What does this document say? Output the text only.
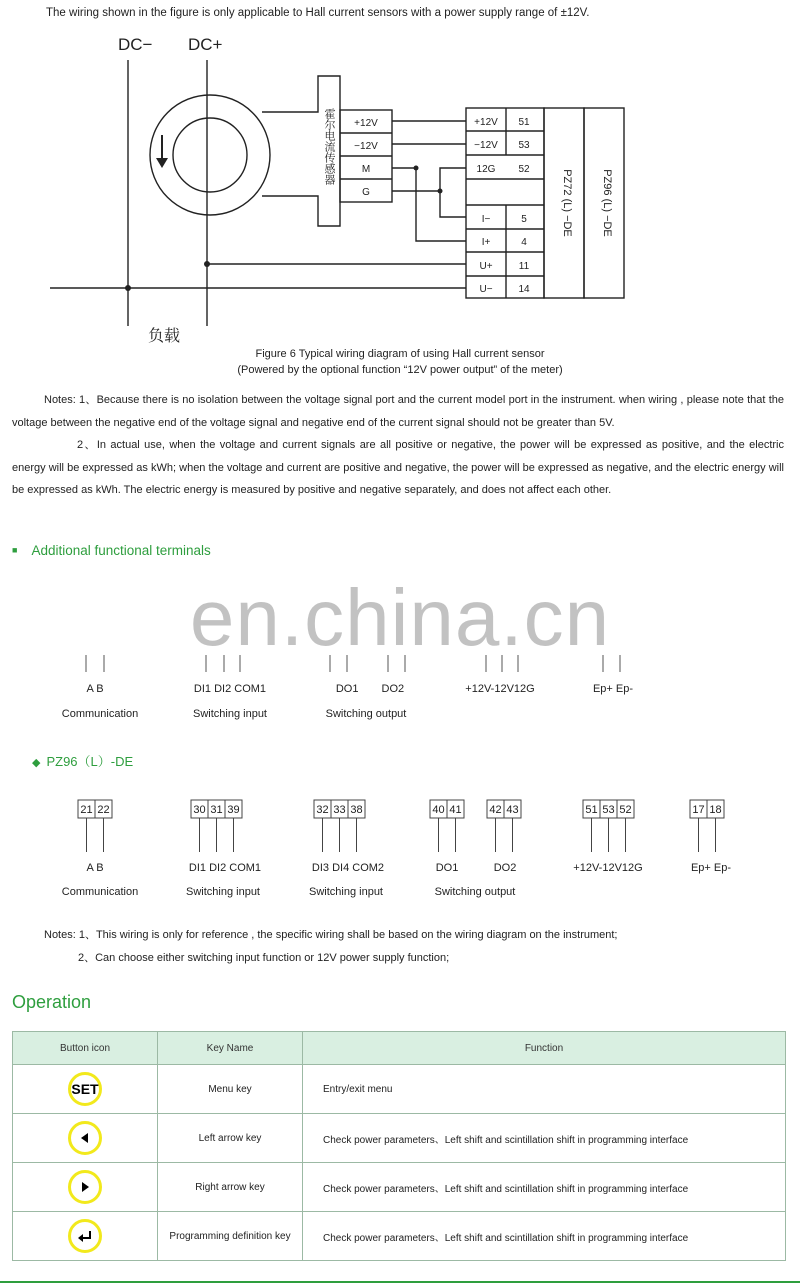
The wiring shown in the figure is only applicable to Hall current sensors with a power supply range of ±12V.
DC− DC+
霍尔电流传感器 +12V
−12V
M
G
+12V 51
−12V 53
12G 52
I−	5
I+	4
U+	11
U−	14
PZ72 (L) −DE	PZ96 (L) −DE
负载
Figure 6 Typical wiring diagram of using Hall current sensor
(Powered by the optional function “12V power output” of the meter)
Notes: 1、Because there is no isolation between the voltage signal port and the current model port in the instrument. when wiring , please note that the voltage between the negative end of the voltage signal and negative end of the current signal should not be greater than 5V.
2、In actual use, when the voltage and current signals are all positive or negative, the power will be expressed as positive, and the electric energy will be expressed as kWh; when the voltage and current are positive and negative, the power will be expressed as negative, and the electric energy will be expressed as kWh. The electric energy is measured by positive and negative separately, and does not affect each other.
■ Additional functional terminals
en.china.cn
A B
Communication
DI1 DI2 COM1
Switching input
DO1 DO2
Switching output
+12V-12V12G	Ep+ Ep-
◆ PZ96（L）-DE
21 22	30 31 39	32 33 38	40 41	42 43	51 53 52	17 18
A B
Communication
DI1 DI2 COM1
Switching input
DI3 DI4 COM2
Switching input
DO1	DO2
Switching output
+12V-12V12G	Ep+ Ep-
Notes: 1、This wiring is only for reference , the specific wiring shall be based on the wiring diagram on the instrument;
2、Can choose either switching input function or 12V power supply function;
Operation
Button icon	Key Name	Function
SET	Menu key	Entry/exit menu

	Left arrow key	Check power parameters、Left shift and scintillation shift in programming interface

	Right arrow key	Check power parameters、Left shift and scintillation shift in programming interface

	Programming definition key	Check power parameters、Left shift and scintillation shift in programming interface
